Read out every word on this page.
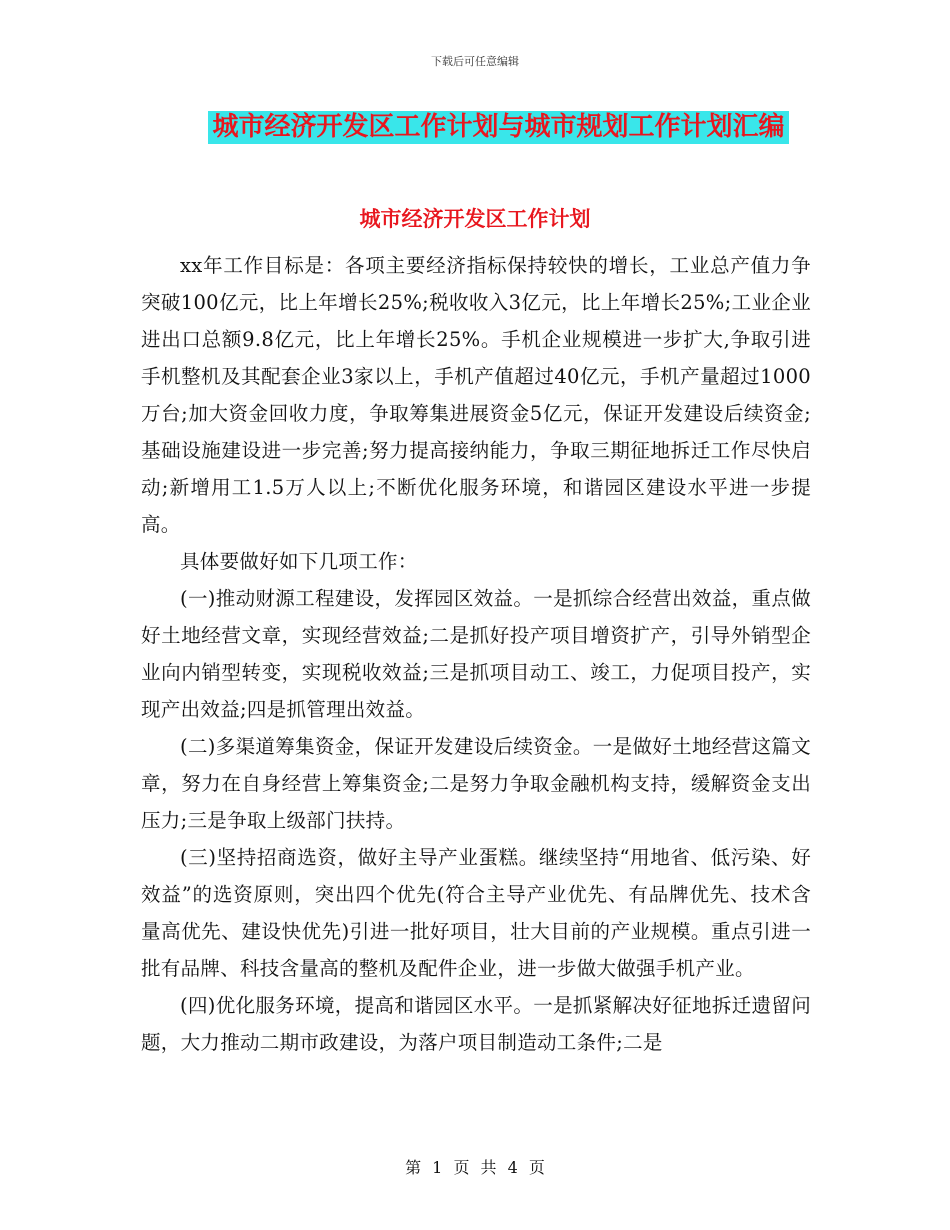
下载后可任意编辑
城市经济开发区工作计划与城市规划工作计划汇编
城市经济开发区工作计划

xx年工作目标是：各项主要经济指标保持较快的增长，工业总产值力争突破100亿元，比上年增长25%;税收收入3亿元，比上年增长25%;工业企业进出口总额9.8亿元，比上年增长25%。手机企业规模进一步扩大,争取引进手机整机及其配套企业3家以上，手机产值超过40亿元，手机产量超过1000万台;加大资金回收力度，争取筹集进展资金5亿元，保证开发建设后续资金;基础设施建设进一步完善;努力提高接纳能力，争取三期征地拆迁工作尽快启动;新增用工1.5万人以上;不断优化服务环境，和谐园区建设水平进一步提高。

具体要做好如下几项工作：

(一)推动财源工程建设，发挥园区效益。一是抓综合经营出效益，重点做好土地经营文章，实现经营效益;二是抓好投产项目增资扩产，引导外销型企业向内销型转变，实现税收效益;三是抓项目动工、竣工，力促项目投产，实现产出效益;四是抓管理出效益。

(二)多渠道筹集资金，保证开发建设后续资金。一是做好土地经营这篇文章，努力在自身经营上筹集资金;二是努力争取金融机构支持，缓解资金支出压力;三是争取上级部门扶持。

(三)坚持招商选资，做好主导产业蛋糕。继续坚持“用地省、低污染、好效益”的选资原则，突出四个优先(符合主导产业优先、有品牌优先、技术含量高优先、建设快优先)引进一批好项目，壮大目前的产业规模。重点引进一批有品牌、科技含量高的整机及配件企业，进一步做大做强手机产业。

(四)优化服务环境，提高和谐园区水平。一是抓紧解决好征地拆迁遗留问题，大力推动二期市政建设，为落户项目制造动工条件;二是

第 1 页 共 4 页
